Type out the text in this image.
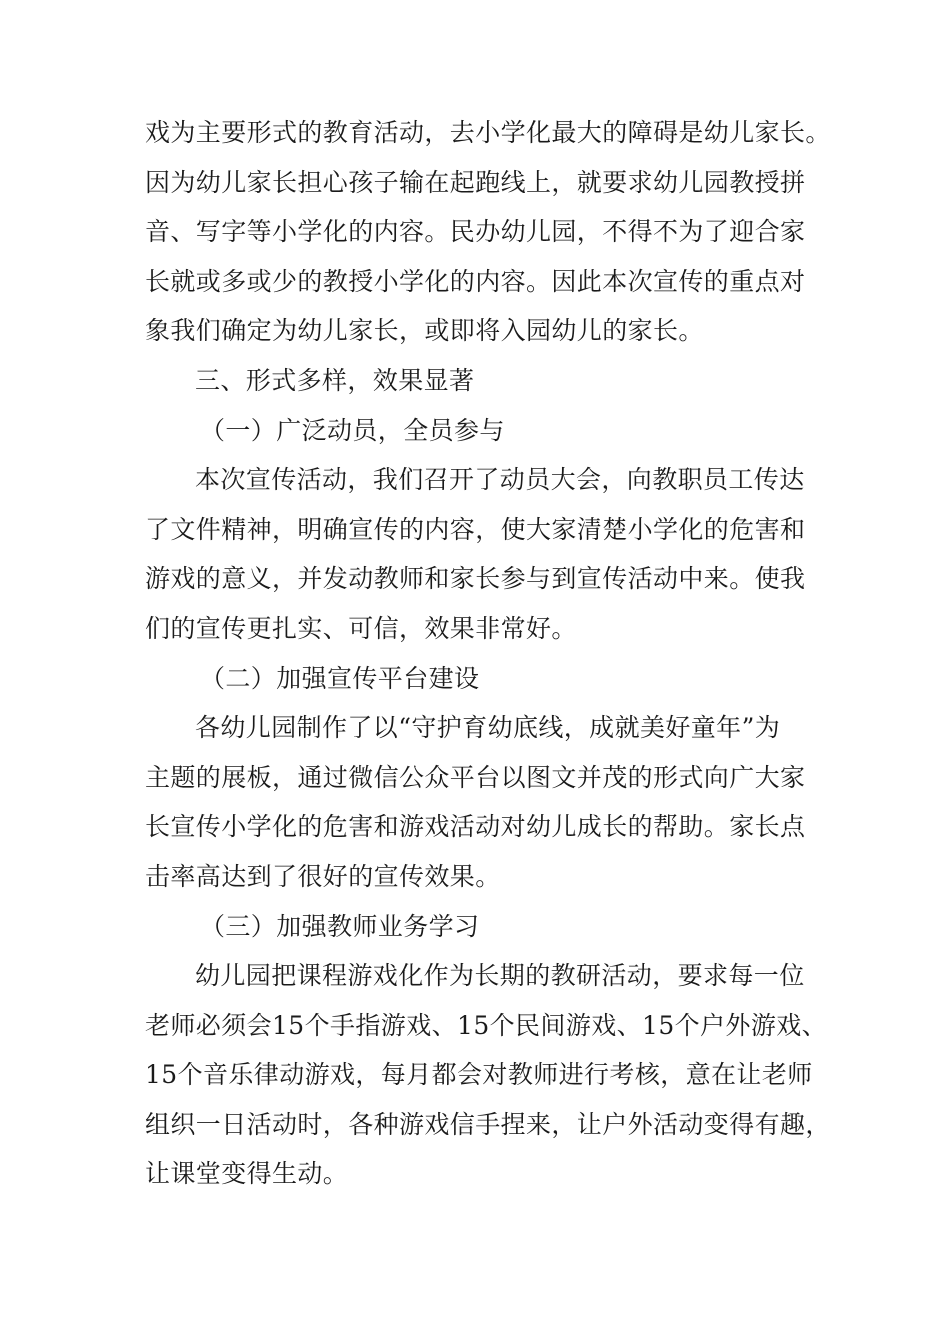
戏为主要形式的教育活动，去小学化最大的障碍是幼儿家长。
因为幼儿家长担心孩子输在起跑线上，就要求幼儿园教授拼
音、写字等小学化的内容。民办幼儿园，不得不为了迎合家
长就或多或少的教授小学化的内容。因此本次宣传的重点对
象我们确定为幼儿家长，或即将入园幼儿的家长。
三、形式多样，效果显著
（一）广泛动员，全员参与
本次宣传活动，我们召开了动员大会，向教职员工传达
了文件精神，明确宣传的内容，使大家清楚小学化的危害和
游戏的意义，并发动教师和家长参与到宣传活动中来。使我
们的宣传更扎实、可信，效果非常好。
（二）加强宣传平台建设
各幼儿园制作了以“守护育幼底线，成就美好童年”为
主题的展板，通过微信公众平台以图文并茂的形式向广大家
长宣传小学化的危害和游戏活动对幼儿成长的帮助。家长点
击率高达到了很好的宣传效果。
（三）加强教师业务学习
幼儿园把课程游戏化作为长期的教研活动，要求每一位
老师必须会15个手指游戏、15个民间游戏、15个户外游戏、
15个音乐律动游戏，每月都会对教师进行考核，意在让老师
组织一日活动时，各种游戏信手捏来，让户外活动变得有趣，
让课堂变得生动。
